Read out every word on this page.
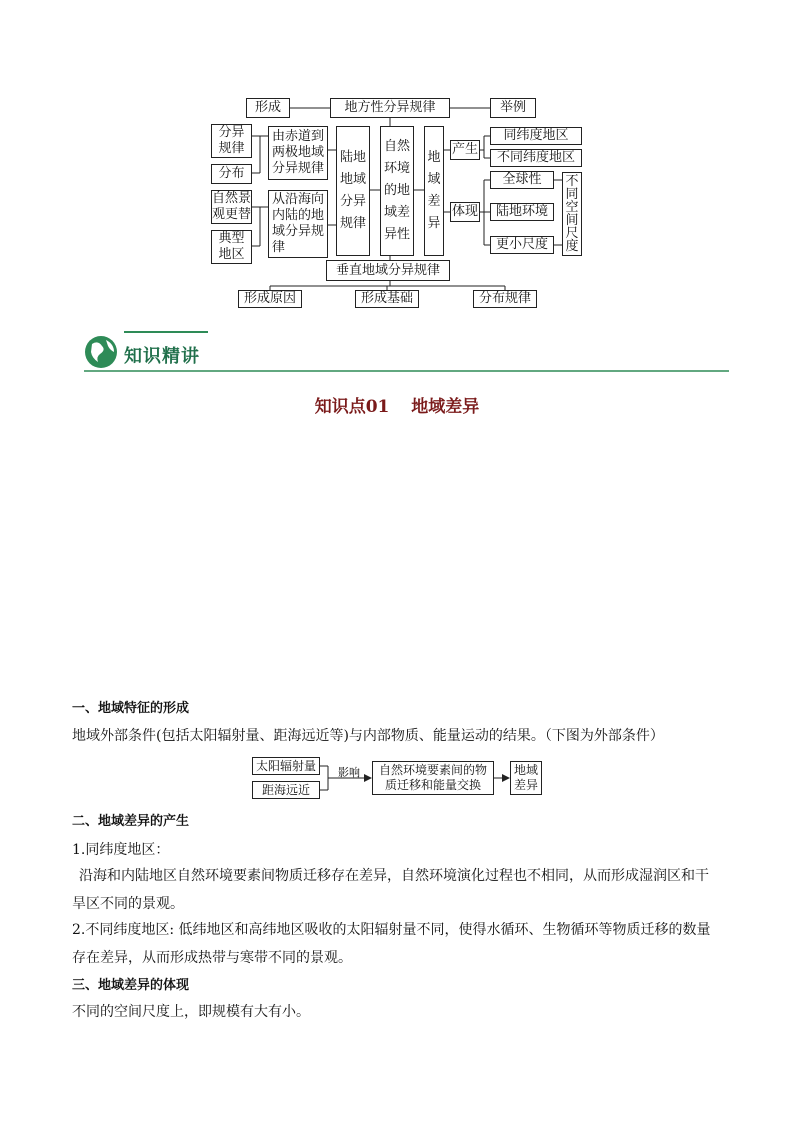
形成	地方性分异规律	举例
分异
规律
分布
由赤道到
两极地域
分异规律
自然景
观更替
典型
地区
从沿海向
内陆的地
域分异规
律
陆地
地域
分异
规律
自然
环境
的地
域差
异性
地
域
差
异
产生
同纬度地区
不同纬度地区
体现
全球性
陆地环境
更小尺度
不
同
空
间
尺
度
垂直地域分异规律
形成原因	形成基础	分布规律
知识精讲
知识点01 地域差异
一、地域特征的形成
地域外部条件(包括太阳辐射量、距海远近等)与内部物质、能量运动的结果。（下图为外部条件）
太阳辐射量
距海远近
影响	自然环境要素间的物
质迁移和能量交换
地域
差异
二、地域差异的产生
1.同纬度地区：
沿海和内陆地区自然环境要素间物质迁移存在差异，自然环境演化过程也不相同，从而形成湿润区和干旱区不同的景观。
2.不同纬度地区: 低纬地区和高纬地区吸收的太阳辐射量不同，使得水循环、生物循环等物质迁移的数量存在差异，从而形成热带与寒带不同的景观。
三、地域差异的体现
不同的空间尺度上，即规模有大有小。
